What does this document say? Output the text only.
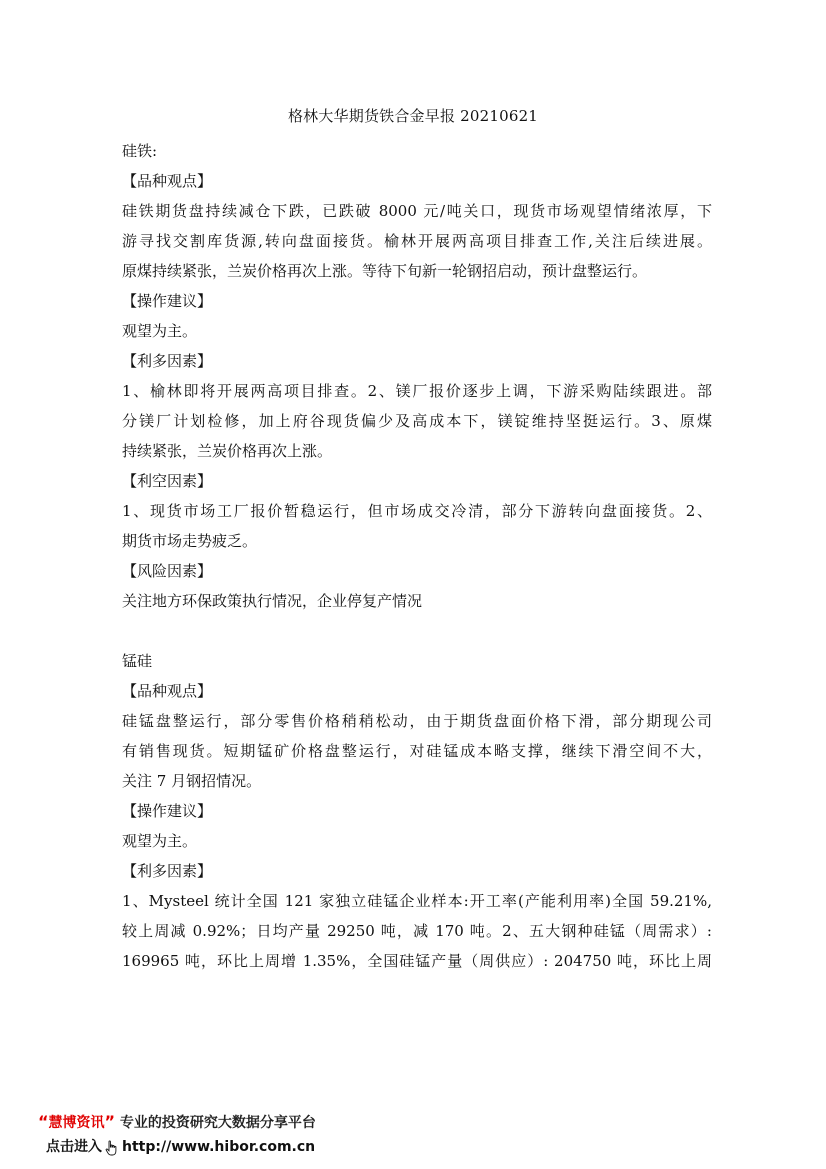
格林大华期货铁合金早报 20210621

硅铁:

【品种观点】

硅铁期货盘持续减仓下跌，已跌破 8000 元/吨关口，现货市场观望情绪浓厚，下

游寻找交割库货源,转向盘面接货。榆林开展两高项目排查工作,关注后续进展。

原煤持续紧张，兰炭价格再次上涨。等待下旬新一轮钢招启动，预计盘整运行。

【操作建议】

观望为主。

【利多因素】

1、榆林即将开展两高项目排查。2、镁厂报价逐步上调，下游采购陆续跟进。部

分镁厂计划检修，加上府谷现货偏少及高成本下，镁锭维持坚挺运行。3、原煤

持续紧张，兰炭价格再次上涨。

【利空因素】

1、现货市场工厂报价暂稳运行，但市场成交冷清，部分下游转向盘面接货。2、

期货市场走势疲乏。

【风险因素】

关注地方环保政策执行情况，企业停复产情况

锰硅

【品种观点】

硅锰盘整运行，部分零售价格稍稍松动，由于期货盘面价格下滑，部分期现公司

有销售现货。短期锰矿价格盘整运行，对硅锰成本略支撑，继续下滑空间不大，

关注 7 月钢招情况。

【操作建议】

观望为主。

【利多因素】

1、Mysteel 统计全国 121 家独立硅锰企业样本:开工率(产能利用率)全国 59.21%,

较上周减 0.92%；日均产量 29250 吨，减 170 吨。2、五大钢种硅锰（周需求）:

169965 吨，环比上周增 1.35%，全国硅锰产量（周供应）: 204750 吨，环比上周

“慧博资讯” 专业的投资研究大数据分享平台
点击进入 http://www.hibor.com.cn
